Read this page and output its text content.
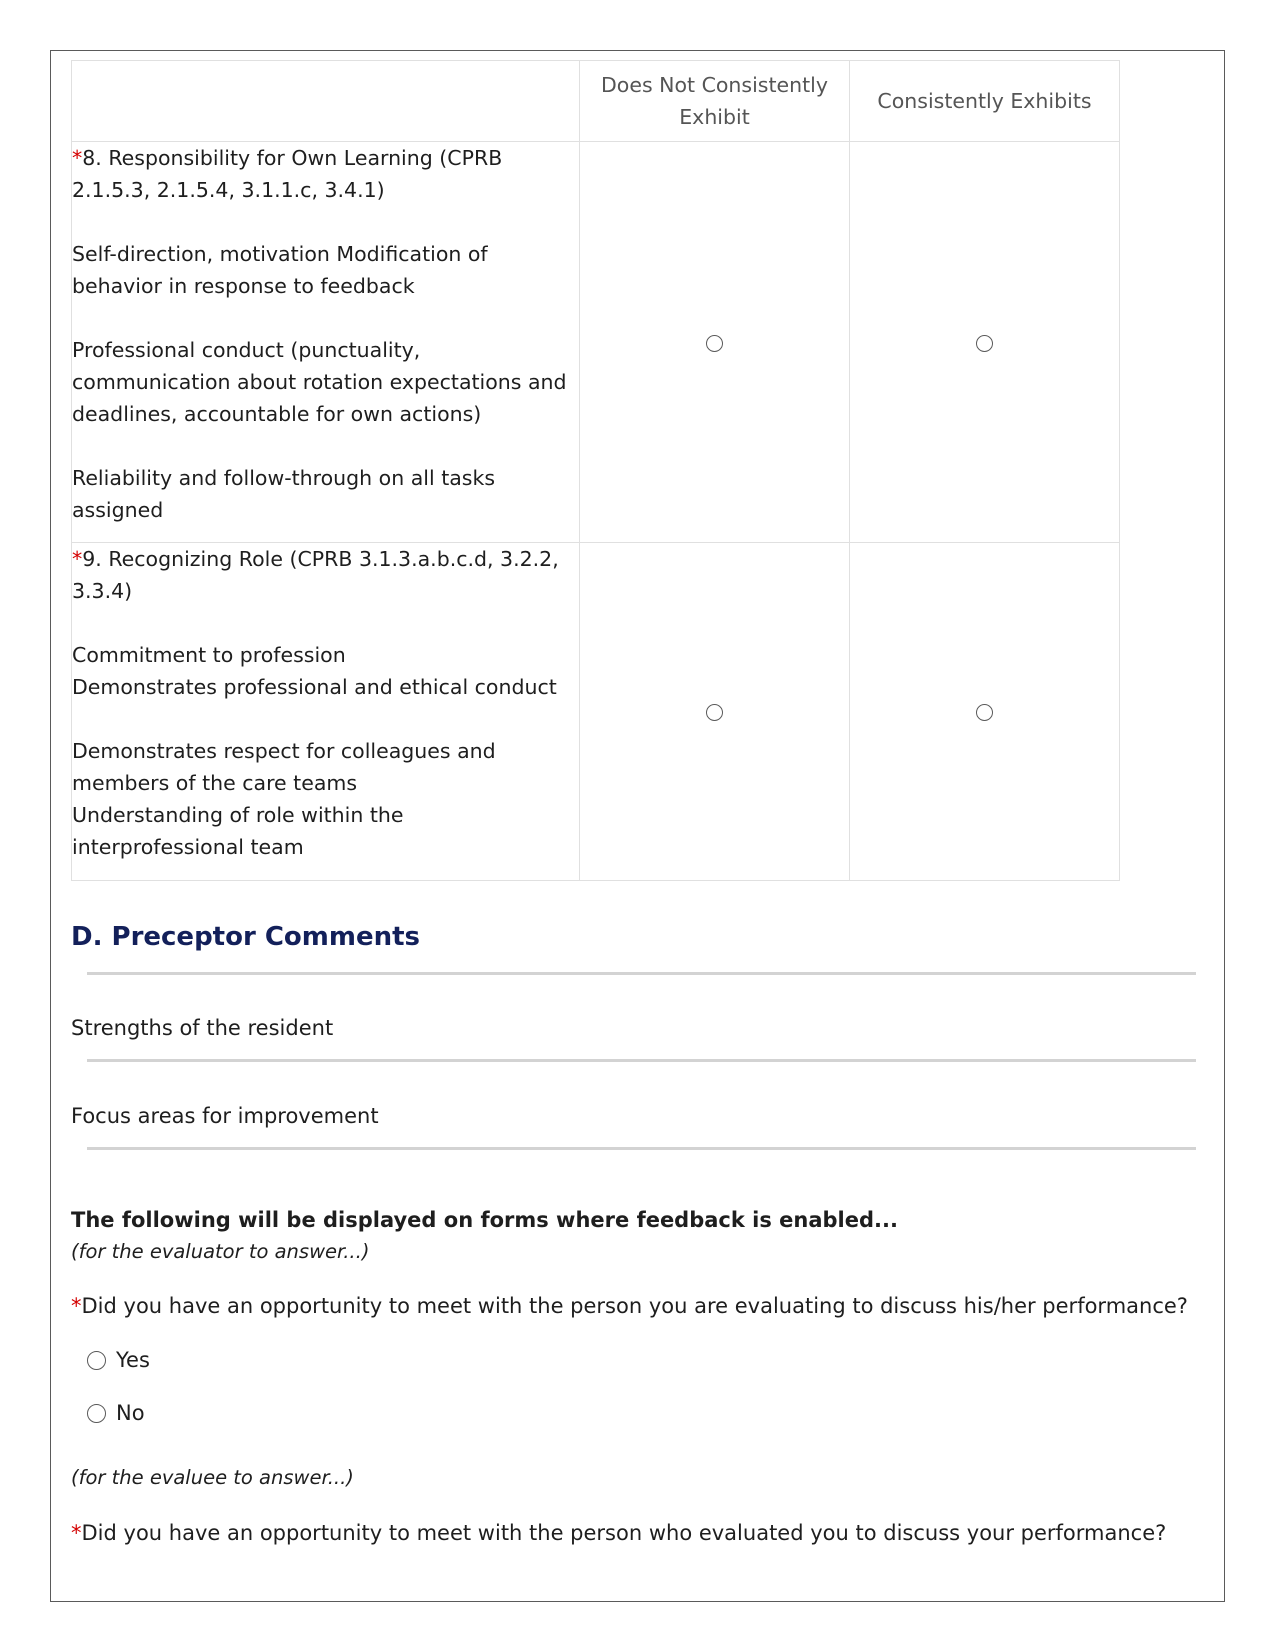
	Does Not Consistently Exhibit	Consistently Exhibits

*8. Responsibility for Own Learning (CPRB 2.1.5.3, 2.1.5.4, 3.1.1.c, 3.4.1)
Self-direction, motivation Modification of behavior in response to feedback
Professional conduct (punctuality, communication about rotation expectations and deadlines, accountable for own actions)
Reliability and follow-through on all tasks assigned		

*9. Recognizing Role (CPRB 3.1.3.a.b.c.d, 3.2.2, 3.3.4)
Commitment to profession
Demonstrates professional and ethical conduct
Demonstrates respect for colleagues and members of the care teams
Understanding of role within the interprofessional team		

D. Preceptor Comments

Strengths of the resident

Focus areas for improvement

The following will be displayed on forms where feedback is enabled...

(for the evaluator to answer...)

*Did you have an opportunity to meet with the person you are evaluating to discuss his/her performance?

Yes
No

(for the evaluee to answer...)

*Did you have an opportunity to meet with the person who evaluated you to discuss your performance?
